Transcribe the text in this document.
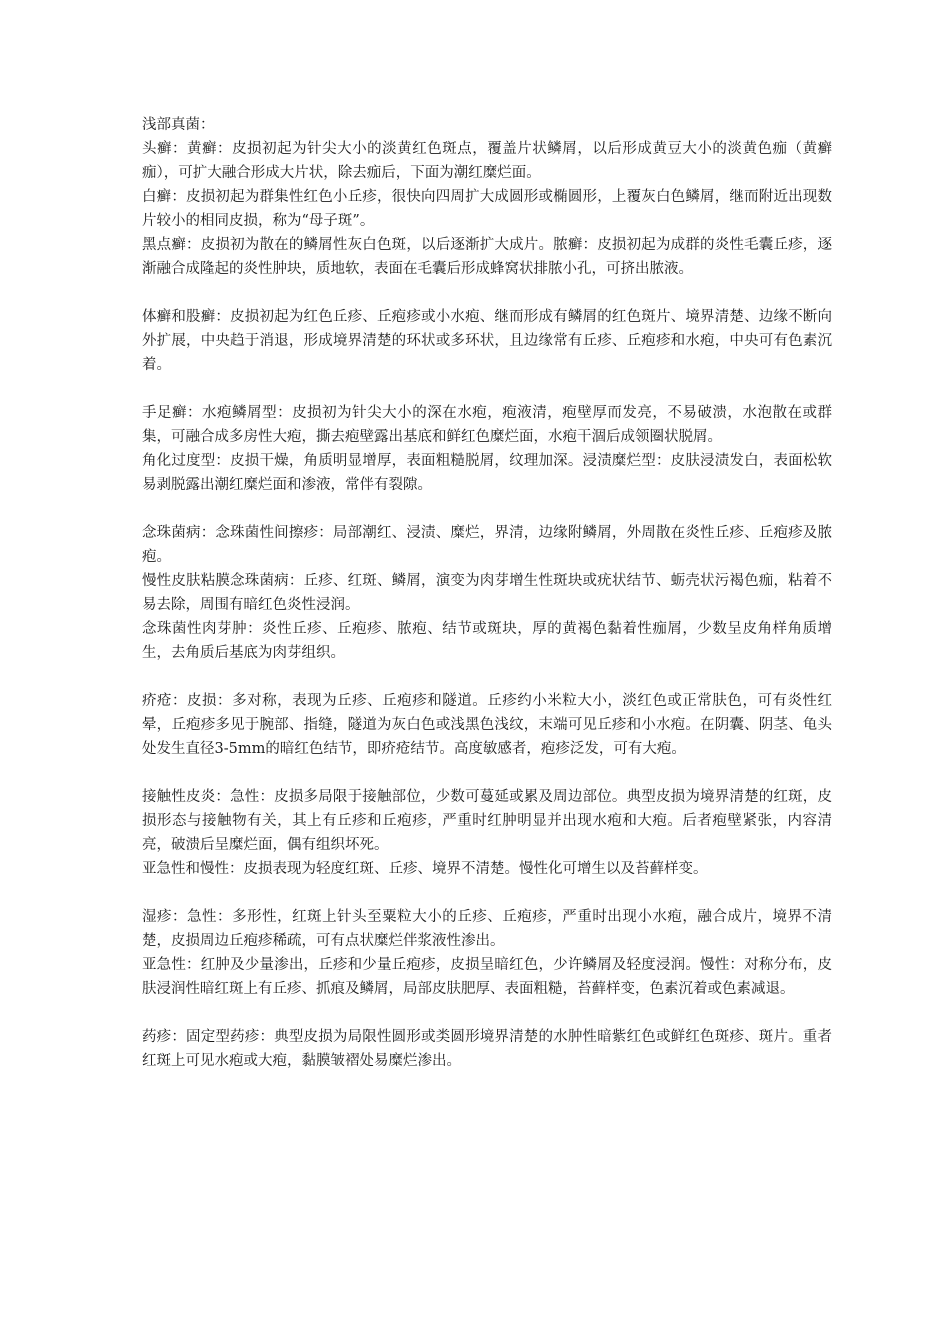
浅部真菌：

头癣：黄癣：皮损初起为针尖大小的淡黄红色斑点，覆盖片状鳞屑，以后形成黄豆大小的淡黄色痂（黄癣痂），可扩大融合形成大片状，除去痂后，下面为潮红糜烂面。

白癣：皮损初起为群集性红色小丘疹，很快向四周扩大成圆形或椭圆形，上覆灰白色鳞屑，继而附近出现数片较小的相同皮损，称为“母子斑”。

黑点癣：皮损初为散在的鳞屑性灰白色斑，以后逐渐扩大成片。脓癣：皮损初起为成群的炎性毛囊丘疹，逐渐融合成隆起的炎性肿块，质地软，表面在毛囊后形成蜂窝状排脓小孔，可挤出脓液。

体癣和股癣：皮损初起为红色丘疹、丘疱疹或小水疱、继而形成有鳞屑的红色斑片、境界清楚、边缘不断向外扩展，中央趋于消退，形成境界清楚的环状或多环状，且边缘常有丘疹、丘疱疹和水疱，中央可有色素沉着。

手足癣：水疱鳞屑型：皮损初为针尖大小的深在水疱，疱液清，疱壁厚而发亮，不易破溃，水泡散在或群集，可融合成多房性大疱，撕去疱壁露出基底和鲜红色糜烂面，水疱干涸后成领圈状脱屑。

角化过度型：皮损干燥，角质明显增厚，表面粗糙脱屑，纹理加深。浸渍糜烂型：皮肤浸渍发白，表面松软易剥脱露出潮红糜烂面和渗液，常伴有裂隙。

念珠菌病：念珠菌性间擦疹：局部潮红、浸渍、糜烂，界清，边缘附鳞屑，外周散在炎性丘疹、丘疱疹及脓疱。

慢性皮肤粘膜念珠菌病：丘疹、红斑、鳞屑，演变为肉芽增生性斑块或疣状结节、蛎壳状污褐色痂，粘着不易去除，周围有暗红色炎性浸润。

念珠菌性肉芽肿：炎性丘疹、丘疱疹、脓疱、结节或斑块，厚的黄褐色黏着性痂屑，少数呈皮角样角质增生，去角质后基底为肉芽组织。

疥疮：皮损：多对称，表现为丘疹、丘疱疹和隧道。丘疹约小米粒大小，淡红色或正常肤色，可有炎性红晕，丘疱疹多见于腕部、指缝，隧道为灰白色或浅黑色浅纹，末端可见丘疹和小水疱。在阴囊、阴茎、龟头处发生直径3-5mm的暗红色结节，即疥疮结节。高度敏感者，疱疹泛发，可有大疱。

接触性皮炎：急性：皮损多局限于接触部位，少数可蔓延或累及周边部位。典型皮损为境界清楚的红斑，皮损形态与接触物有关，其上有丘疹和丘疱疹，严重时红肿明显并出现水疱和大疱。后者疱壁紧张，内容清亮，破溃后呈糜烂面，偶有组织坏死。

亚急性和慢性：皮损表现为轻度红斑、丘疹、境界不清楚。慢性化可增生以及苔藓样变。

湿疹：急性：多形性，红斑上针头至粟粒大小的丘疹、丘疱疹，严重时出现小水疱，融合成片，境界不清楚，皮损周边丘疱疹稀疏，可有点状糜烂伴浆液性渗出。

亚急性：红肿及少量渗出，丘疹和少量丘疱疹，皮损呈暗红色，少许鳞屑及轻度浸润。慢性：对称分布，皮肤浸润性暗红斑上有丘疹、抓痕及鳞屑，局部皮肤肥厚、表面粗糙，苔藓样变，色素沉着或色素减退。

药疹：固定型药疹：典型皮损为局限性圆形或类圆形境界清楚的水肿性暗紫红色或鲜红色斑疹、斑片。重者红斑上可见水疱或大疱，黏膜皱褶处易糜烂渗出。
